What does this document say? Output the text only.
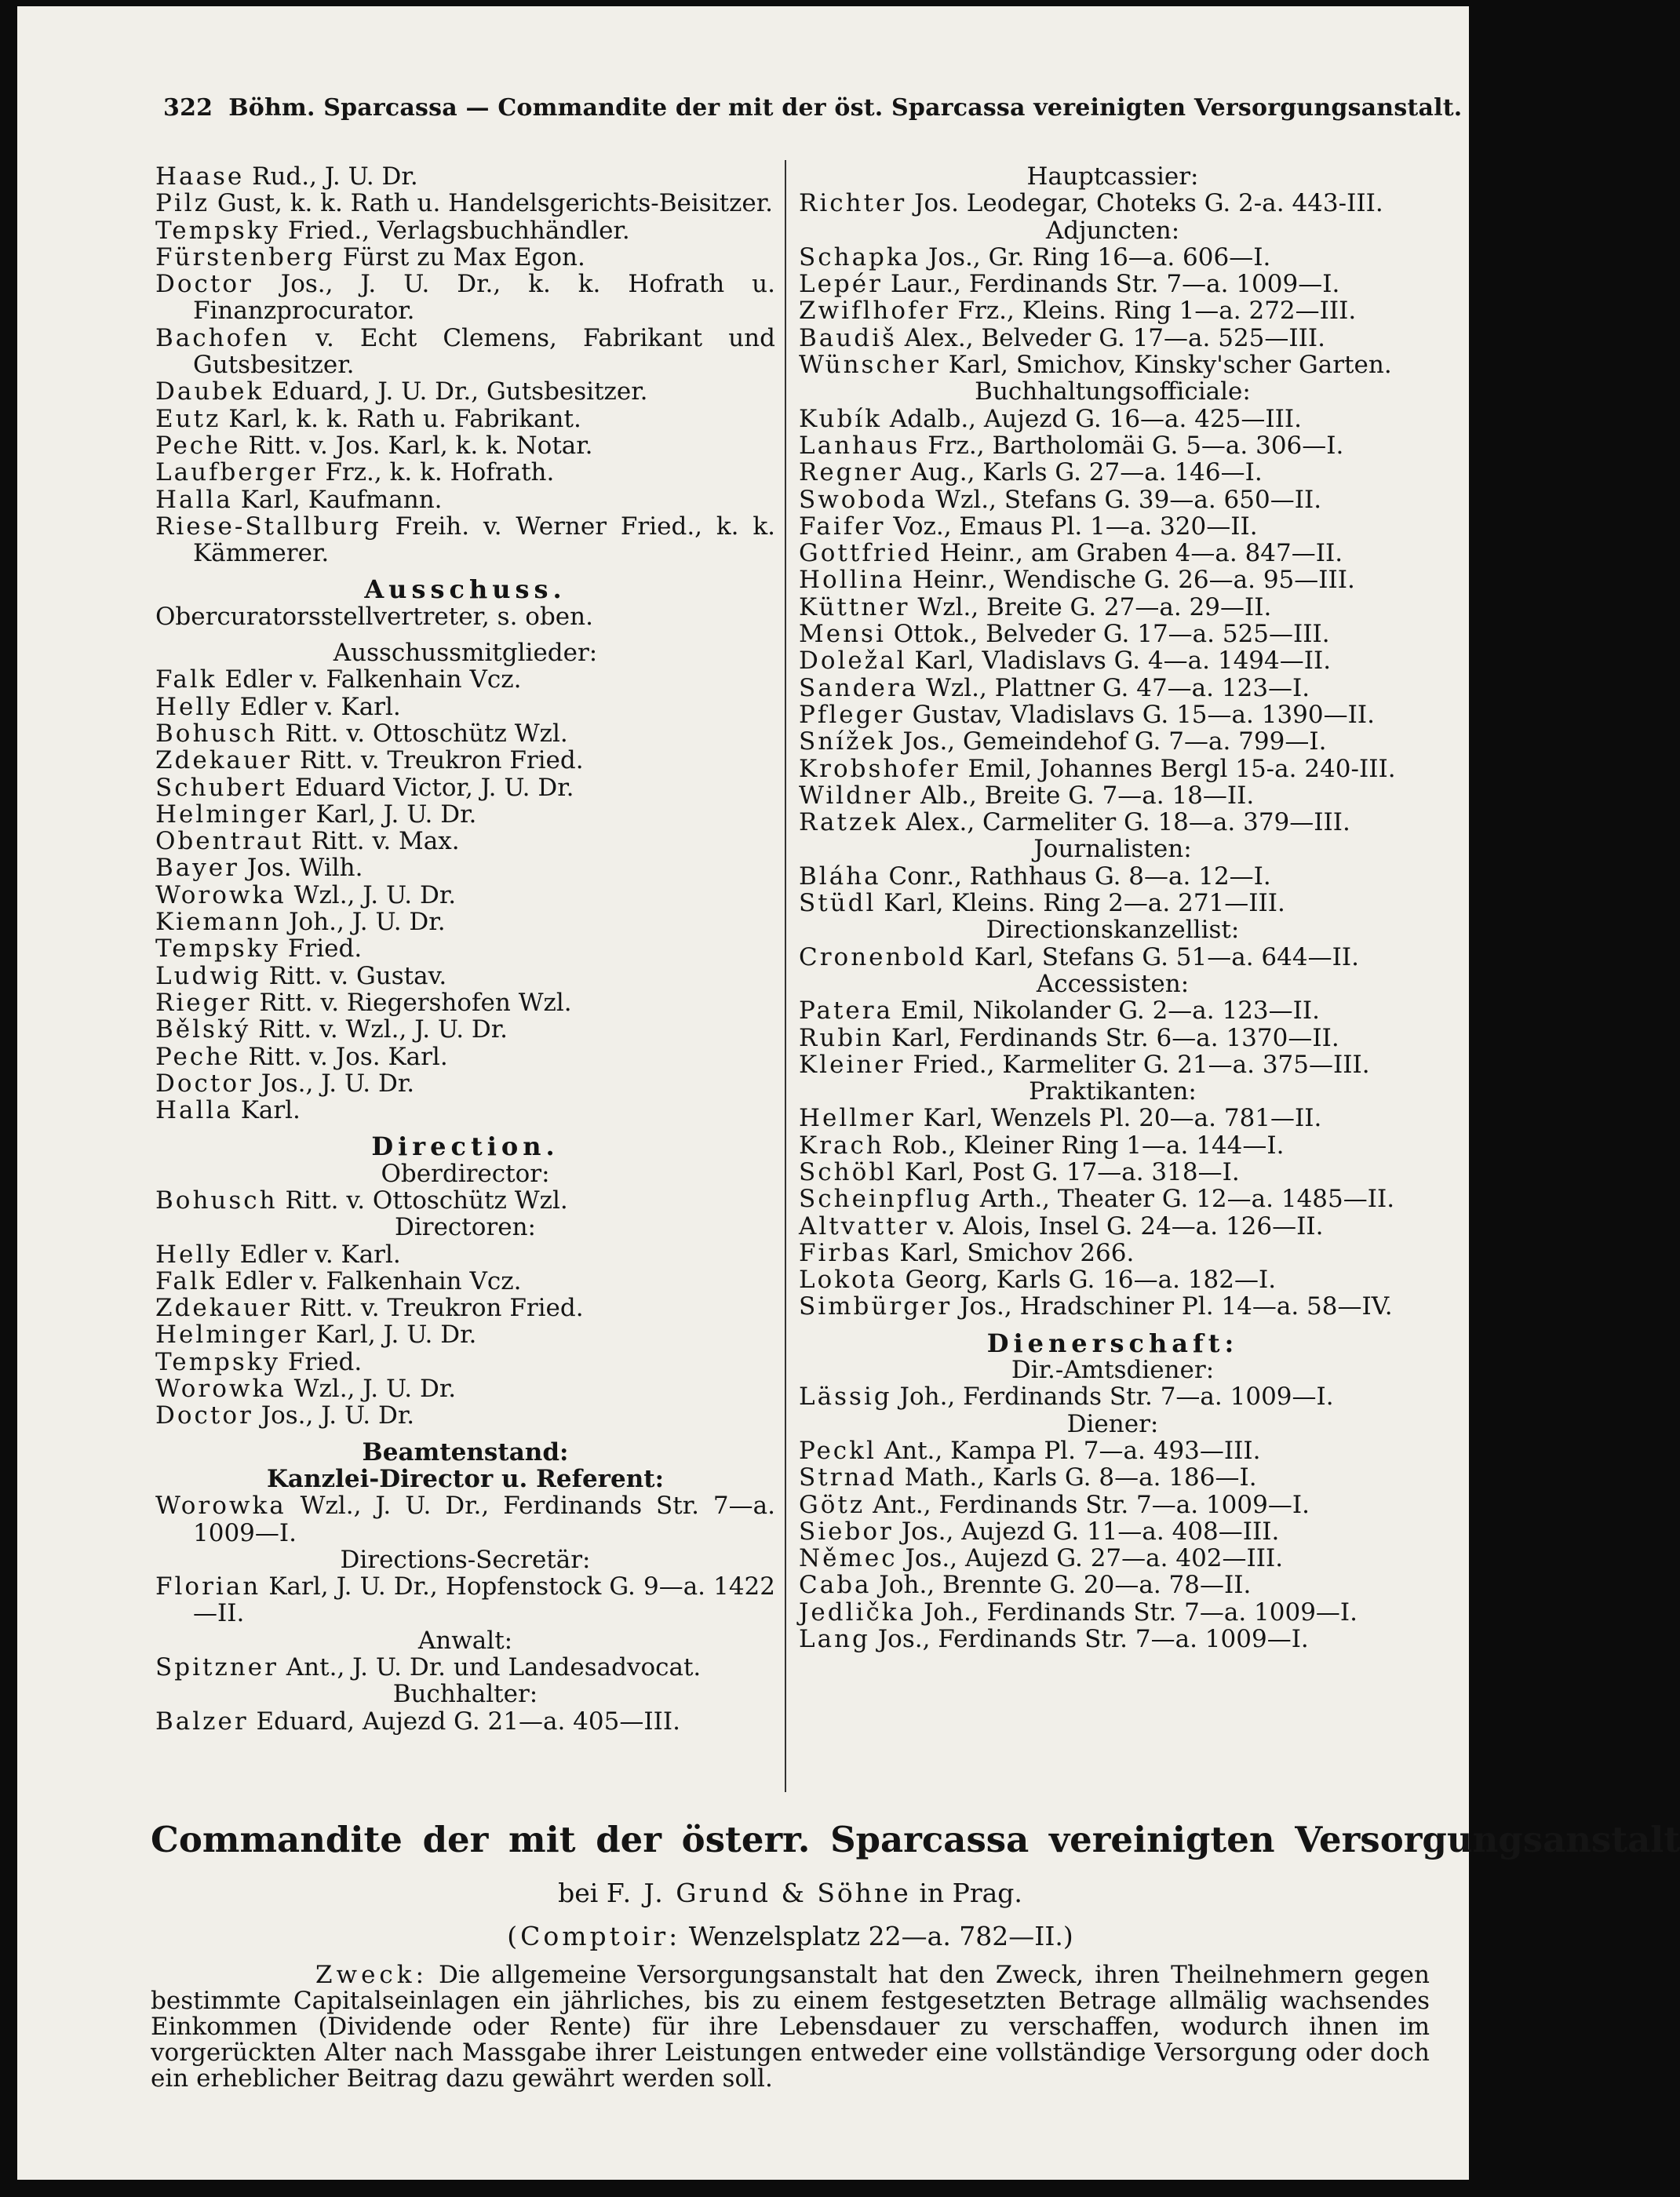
322 Böhm. Sparcassa — Commandite der mit der öst. Sparcassa vereinigten Versorgungsanstalt.
Haase Rud., J. U. Dr.
Pilz Gust, k. k. Rath u. Handelsgerichts-Beisitzer.
Tempsky Fried., Verlagsbuchhändler.
Fürstenberg Fürst zu Max Egon.
Doctor Jos., J. U. Dr., k. k. Hofrath u. Finanzprocurator.
Bachofen v. Echt Clemens, Fabrikant und Gutsbesitzer.
Daubek Eduard, J. U. Dr., Gutsbesitzer.
Eutz Karl, k. k. Rath u. Fabrikant.
Peche Ritt. v. Jos. Karl, k. k. Notar.
Laufberger Frz., k. k. Hofrath.
Halla Karl, Kaufmann.
Riese-Stallburg Freih. v. Werner Fried., k. k. Kämmerer.
Ausschuss.
Obercuratorsstellvertreter, s. oben.
Ausschussmitglieder:
Falk Edler v. Falkenhain Vcz.
Helly Edler v. Karl.
Bohusch Ritt. v. Ottoschütz Wzl.
Zdekauer Ritt. v. Treukron Fried.
Schubert Eduard Victor, J. U. Dr.
Helminger Karl, J. U. Dr.
Obentraut Ritt. v. Max.
Bayer Jos. Wilh.
Worowka Wzl., J. U. Dr.
Kiemann Joh., J. U. Dr.
Tempsky Fried.
Ludwig Ritt. v. Gustav.
Rieger Ritt. v. Riegershofen Wzl.
Bělský Ritt. v. Wzl., J. U. Dr.
Peche Ritt. v. Jos. Karl.
Doctor Jos., J. U. Dr.
Halla Karl.
Direction.
Oberdirector:
Bohusch Ritt. v. Ottoschütz Wzl.
Directoren:
Helly Edler v. Karl.
Falk Edler v. Falkenhain Vcz.
Zdekauer Ritt. v. Treukron Fried.
Helminger Karl, J. U. Dr.
Tempsky Fried.
Worowka Wzl., J. U. Dr.
Doctor Jos., J. U. Dr.
Beamtenstand:
Kanzlei-Director u. Referent:
Worowka Wzl., J. U. Dr., Ferdinands Str. 7—a. 1009—I.
Directions-Secretär:
Florian Karl, J. U. Dr., Hopfenstock G. 9—a. 1422—II.
Anwalt:
Spitzner Ant., J. U. Dr. und Landesadvocat.
Buchhalter:
Balzer Eduard, Aujezd G. 21—a. 405—III.
Hauptcassier:
Richter Jos. Leodegar, Choteks G. 2-a. 443-III.
Adjuncten:
Schapka Jos., Gr. Ring 16—a. 606—I.
Lepér Laur., Ferdinands Str. 7—a. 1009—I.
Zwiflhofer Frz., Kleins. Ring 1—a. 272—III.
Baudiš Alex., Belveder G. 17—a. 525—III.
Wünscher Karl, Smichov, Kinsky'scher Garten.
Buchhaltungsofficiale:
Kubík Adalb., Aujezd G. 16—a. 425—III.
Lanhaus Frz., Bartholomäi G. 5—a. 306—I.
Regner Aug., Karls G. 27—a. 146—I.
Swoboda Wzl., Stefans G. 39—a. 650—II.
Faifer Voz., Emaus Pl. 1—a. 320—II.
Gottfried Heinr., am Graben 4—a. 847—II.
Hollina Heinr., Wendische G. 26—a. 95—III.
Küttner Wzl., Breite G. 27—a. 29—II.
Mensi Ottok., Belveder G. 17—a. 525—III.
Doležal Karl, Vladislavs G. 4—a. 1494—II.
Sandera Wzl., Plattner G. 47—a. 123—I.
Pfleger Gustav, Vladislavs G. 15—a. 1390—II.
Snížek Jos., Gemeindehof G. 7—a. 799—I.
Krobshofer Emil, Johannes Bergl 15-a. 240-III.
Wildner Alb., Breite G. 7—a. 18—II.
Ratzek Alex., Carmeliter G. 18—a. 379—III.
Journalisten:
Bláha Conr., Rathhaus G. 8—a. 12—I.
Stüdl Karl, Kleins. Ring 2—a. 271—III.
Directionskanzellist:
Cronenbold Karl, Stefans G. 51—a. 644—II.
Accessisten:
Patera Emil, Nikolander G. 2—a. 123—II.
Rubin Karl, Ferdinands Str. 6—a. 1370—II.
Kleiner Fried., Karmeliter G. 21—a. 375—III.
Praktikanten:
Hellmer Karl, Wenzels Pl. 20—a. 781—II.
Krach Rob., Kleiner Ring 1—a. 144—I.
Schöbl Karl, Post G. 17—a. 318—I.
Scheinpflug Arth., Theater G. 12—a. 1485—II.
Altvatter v. Alois, Insel G. 24—a. 126—II.
Firbas Karl, Smichov 266.
Lokota Georg, Karls G. 16—a. 182—I.
Simbürger Jos., Hradschiner Pl. 14—a. 58—IV.
Dienerschaft:
Dir.-Amtsdiener:
Lässig Joh., Ferdinands Str. 7—a. 1009—I.
Diener:
Peckl Ant., Kampa Pl. 7—a. 493—III.
Strnad Math., Karls G. 8—a. 186—I.
Götz Ant., Ferdinands Str. 7—a. 1009—I.
Siebor Jos., Aujezd G. 11—a. 408—III.
Němec Jos., Aujezd G. 27—a. 402—III.
Caba Joh., Brennte G. 20—a. 78—II.
Jedlička Joh., Ferdinands Str. 7—a. 1009—I.
Lang Jos., Ferdinands Str. 7—a. 1009—I.
Commandite der mit der österr. Sparcassa vereinigten Versorgungsanstalt
bei F. J. Grund & Söhne in Prag.
(Comptoir: Wenzelsplatz 22—a. 782—II.)
Zweck: Die allgemeine Versorgungsanstalt hat den Zweck, ihren Theilnehmern gegen bestimmte Capitalseinlagen ein jährliches, bis zu einem festgesetzten Betrage allmälig wachsendes Einkommen (Dividende oder Rente) für ihre Lebensdauer zu verschaffen, wodurch ihnen im vorgerückten Alter nach Massgabe ihrer Leistungen entweder eine vollständige Versorgung oder doch ein erheblicher Beitrag dazu gewährt werden soll.
